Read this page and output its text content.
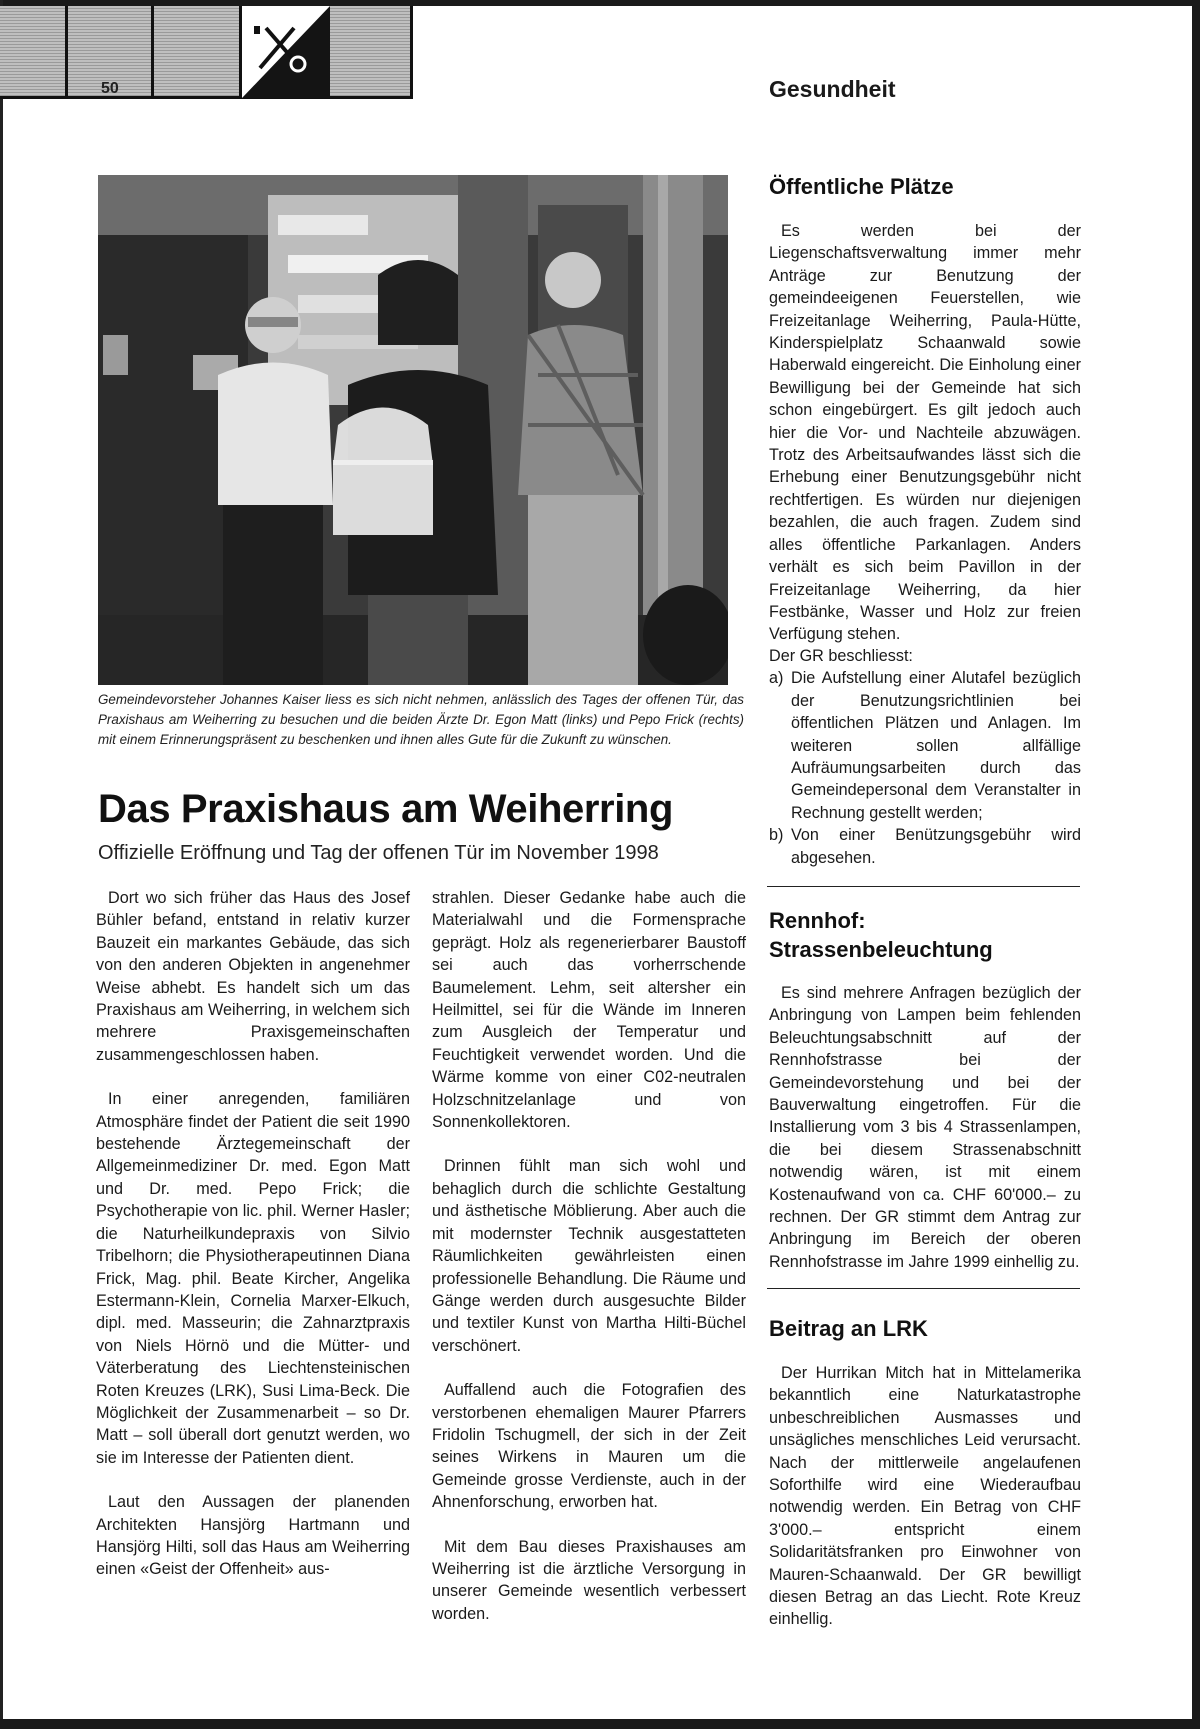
50	Gesundheit
Gemeindevorsteher Johannes Kaiser liess es sich nicht nehmen, anlässlich des Tages der offenen Tür, das Praxishaus am Weiherring zu besuchen und die beiden Ärzte Dr. Egon Matt (links) und Pepo Frick (rechts) mit einem Erinnerungspräsent zu beschenken und ihnen alles Gute für die Zukunft zu wünschen.
Das Praxishaus am Weiherring
Offizielle Eröffnung und Tag der offenen Tür im November 1998

Dort wo sich früher das Haus des Josef Bühler befand, entstand in relativ kurzer Bauzeit ein markantes Gebäude, das sich von den anderen Objekten in angenehmer Weise abhebt. Es handelt sich um das Praxishaus am Weiherring, in welchem sich mehrere Praxisgemeinschaften zusammengeschlossen haben.

In einer anregenden, familiären Atmosphäre findet der Patient die seit 1990 bestehende Ärztegemeinschaft der Allgemeinmediziner Dr. med. Egon Matt und Dr. med. Pepo Frick; die Psychotherapie von lic. phil. Werner Hasler; die Naturheilkundepraxis von Silvio Tribelhorn; die Physiotherapeutinnen Diana Frick, Mag. phil. Beate Kircher, Angelika Estermann-Klein, Cornelia Marxer-Elkuch, dipl. med. Masseurin; die Zahnarztpraxis von Niels Hörnö und die Mütter- und Väterberatung des Liechtensteinischen Roten Kreuzes (LRK), Susi Lima-Beck. Die Möglichkeit der Zusammenarbeit – so Dr. Matt – soll überall dort genutzt werden, wo sie im Interesse der Patienten dient.

Laut den Aussagen der planenden Architekten Hansjörg Hartmann und Hansjörg Hilti, soll das Haus am Weiherring einen «Geist der Offenheit» aus-

strahlen. Dieser Gedanke habe auch die Materialwahl und die Formensprache geprägt. Holz als regenerierbarer Baustoff sei auch das vorherrschende Baumelement. Lehm, seit altersher ein Heilmittel, sei für die Wände im Inneren zum Ausgleich der Temperatur und Feuchtigkeit verwendet worden. Und die Wärme komme von einer C02-neutralen Holzschnitzelanlage und von Sonnenkollektoren.

Drinnen fühlt man sich wohl und behaglich durch die schlichte Gestaltung und ästhetische Möblierung. Aber auch die mit modernster Technik ausgestatteten Räumlichkeiten gewährleisten einen professionelle Behandlung. Die Räume und Gänge werden durch ausgesuchte Bilder und textiler Kunst von Martha Hilti-Büchel verschönert.

Auffallend auch die Fotografien des verstorbenen ehemaligen Maurer Pfarrers Fridolin Tschugmell, der sich in der Zeit seines Wirkens in Mauren um die Gemeinde grosse Verdienste, auch in der Ahnenforschung, erworben hat.

Mit dem Bau dieses Praxishauses am Weiherring ist die ärztliche Versorgung in unserer Gemeinde wesentlich verbessert worden.

Öffentliche Plätze

Es werden bei der Liegenschaftsverwaltung immer mehr Anträge zur Benutzung der gemeindeeigenen Feuerstellen, wie Freizeitanlage Weiherring, Paula-Hütte, Kinderspielplatz Schaanwald sowie Haberwald eingereicht. Die Einholung einer Bewilligung bei der Gemeinde hat sich schon eingebürgert. Es gilt jedoch auch hier die Vor- und Nachteile abzuwägen. Trotz des Arbeitsaufwandes lässt sich die Erhebung einer Benutzungsgebühr nicht rechtfertigen. Es würden nur diejenigen bezahlen, die auch fragen. Zudem sind alles öffentliche Parkanlagen. Anders verhält es sich beim Pavillon in der Freizeitanlage Weiherring, da hier Festbänke, Wasser und Holz zur freien Verfügung stehen.

Der GR beschliesst:
a) Die Aufstellung einer Alutafel bezüglich der Benutzungsrichtlinien bei öffentlichen Plätzen und Anlagen. Im weiteren sollen allfällige Aufräumungsarbeiten durch das Gemeindepersonal dem Veranstalter in Rechnung gestellt werden;
b) Von einer Benützungsgebühr wird abgesehen.
Rennhof:
Strassenbeleuchtung

Es sind mehrere Anfragen bezüglich der Anbringung von Lampen beim fehlenden Beleuchtungsabschnitt auf der Rennhofstrasse bei der Gemeindevorstehung und bei der Bauverwaltung eingetroffen. Für die Installierung vom 3 bis 4 Strassenlampen, die bei diesem Strassenabschnitt notwendig wären, ist mit einem Kostenaufwand von ca. CHF 60'000.– zu rechnen. Der GR stimmt dem Antrag zur Anbringung im Bereich der oberen Rennhofstrasse im Jahre 1999 einhellig zu.

Beitrag an LRK

Der Hurrikan Mitch hat in Mittelamerika bekanntlich eine Naturkatastrophe unbeschreiblichen Ausmasses und unsägliches menschliches Leid verursacht. Nach der mittlerweile angelaufenen Soforthilfe wird eine Wiederaufbau notwendig werden. Ein Betrag von CHF 3'000.– entspricht einem Solidaritätsfranken pro Einwohner von Mauren-Schaanwald. Der GR bewilligt diesen Betrag an das Liecht. Rote Kreuz einhellig.
